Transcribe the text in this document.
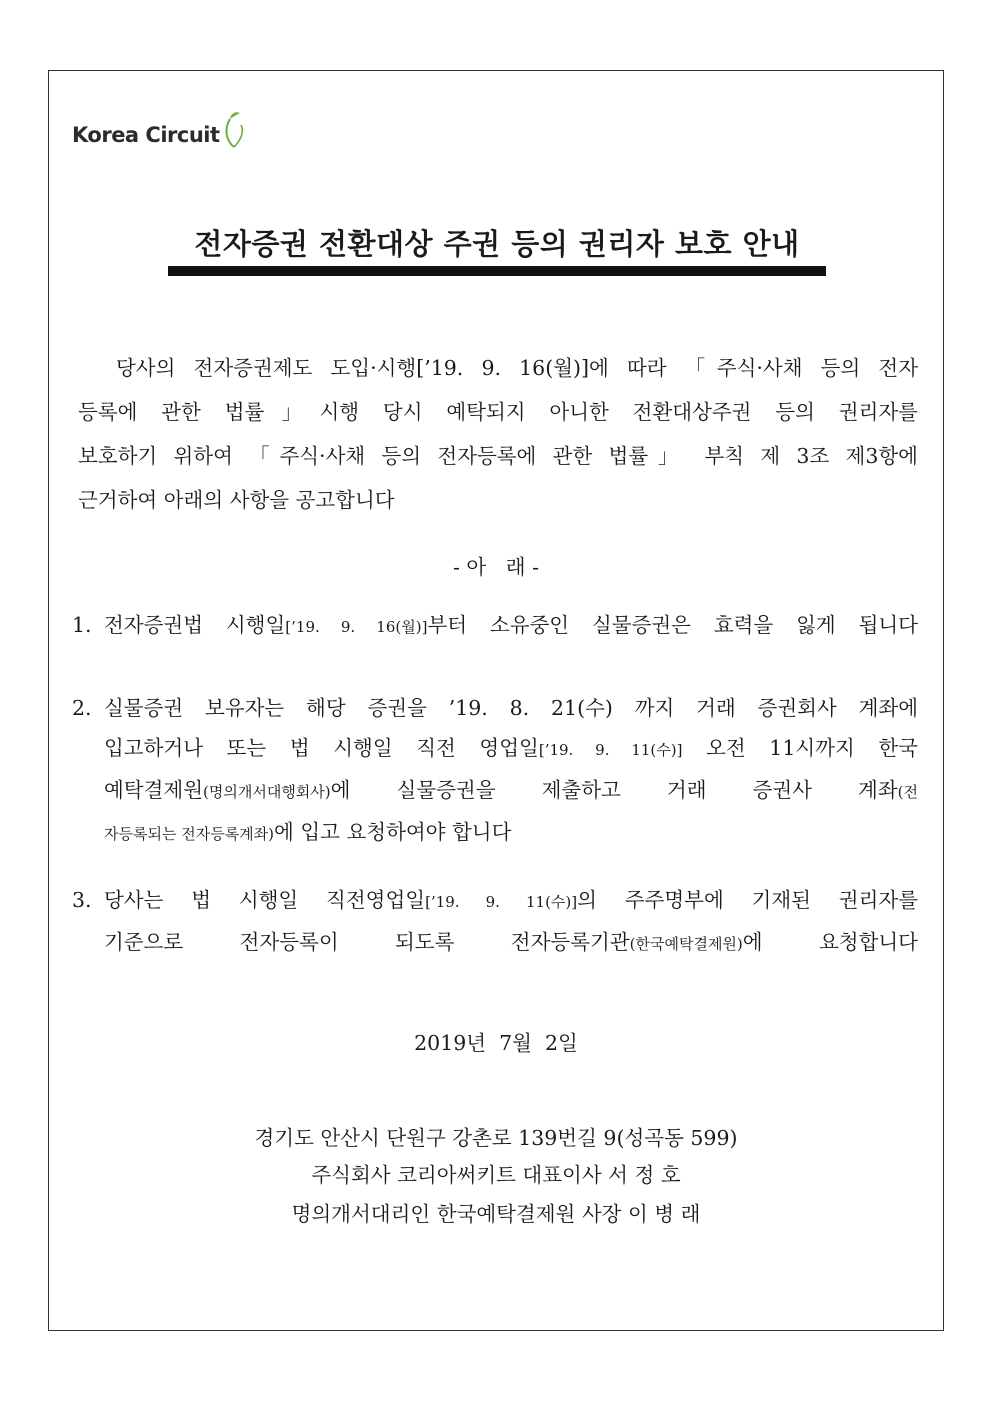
Korea Circuit
전자증권 전환대상 주권 등의 권리자 보호 안내
당사의 전자증권제도 도입·시행[’19. 9. 16(월)]에 따라 「주식·사채 등의 전자
등록에 관한 법률」시행 당시 예탁되지 아니한 전환대상주권 등의 권리자를
보호하기 위하여 「주식·사채 등의 전자등록에 관한 법률」 부칙 제 3조 제3항에
근거하여 아래의 사항을 공고합니다
- 아   래 -
1. 전자증권법 시행일[’19. 9. 16(월)]부터 소유중인 실물증권은 효력을 잃게 됩니다
2. 실물증권 보유자는 해당 증권을 ’19. 8. 21(수) 까지 거래 증권회사 계좌에
입고하거나 또는 법 시행일 직전 영업일[’19. 9. 11(수)] 오전 11시까지 한국
예탁결제원(명의개서대행회사)에 실물증권을 제출하고 거래 증권사 계좌(전
자등록되는 전자등록계좌)에 입고 요청하여야 합니다
3. 당사는 법 시행일 직전영업일[’19. 9. 11(수)]의 주주명부에 기재된 권리자를
기준으로 전자등록이 되도록 전자등록기관(한국예탁결제원)에 요청합니다
2019년  7월  2일
경기도 안산시 단원구 강촌로 139번길 9(성곡동 599)
주식회사 코리아써키트 대표이사 서 정 호
명의개서대리인 한국예탁결제원 사장 이 병 래
